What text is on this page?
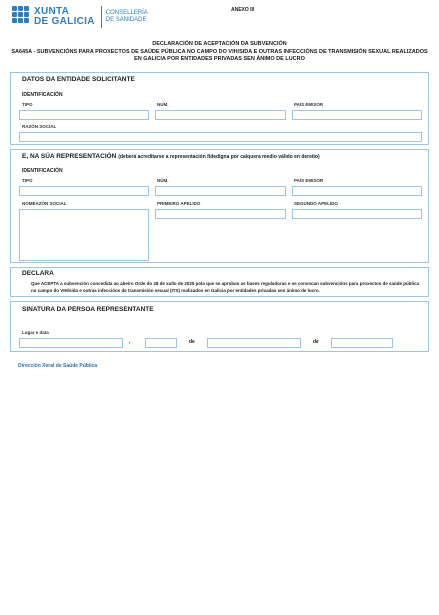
XUNTA
DE GALICIA
CONSELLERÍA
DE SANIDADE
ANEXO III
DECLARACIÓN DE ACEPTACIÓN DA SUBVENCIÓN
SA645A - SUBVENCIÓNS PARA PROXECTOS DE SAÚDE PÚBLICA NO CAMPO DO VIH/SIDA E OUTRAS INFECCIÓNS DE TRANSMISIÓN SEXUAL REALIZADOS EN GALICIA POR ENTIDADES PRIVADAS SEN ÁNIMO DE LUCRO
DATOS DA ENTIDADE SOLICITANTE
IDENTIFICACIÓN
TIPO	NÚM.	PAÍS EMISOR
RAZÓN SOCIAL
E, NA SÚA REPRESENTACIÓN (deberá acreditarse a representación fidedigna por calquera medio válido en dereito)
IDENTIFICACIÓN
TIPO	NÚM.	PAÍS EMISOR
NOMEAZÓN SOCIAL	PRIMEIRO APELIDO	SEGUNDO APELIDO
DECLARA
Que ACEPTA a subvención concedida ao abeiro Orde do 28 de xullo de 2025 pola que se aproban as bases reguladoras e se convocan subvencións para proxectos de saúde pública no campo do VIH/sida e outras infeccións de transmisión sexual (ITS) realizados en Galicia por entidades privadas sen ánimo de lucro.
SINATURA DA PERSOA REPRESENTANTE
Lugar e data
,	de	de
Dirección Xeral de Saúde Pública
